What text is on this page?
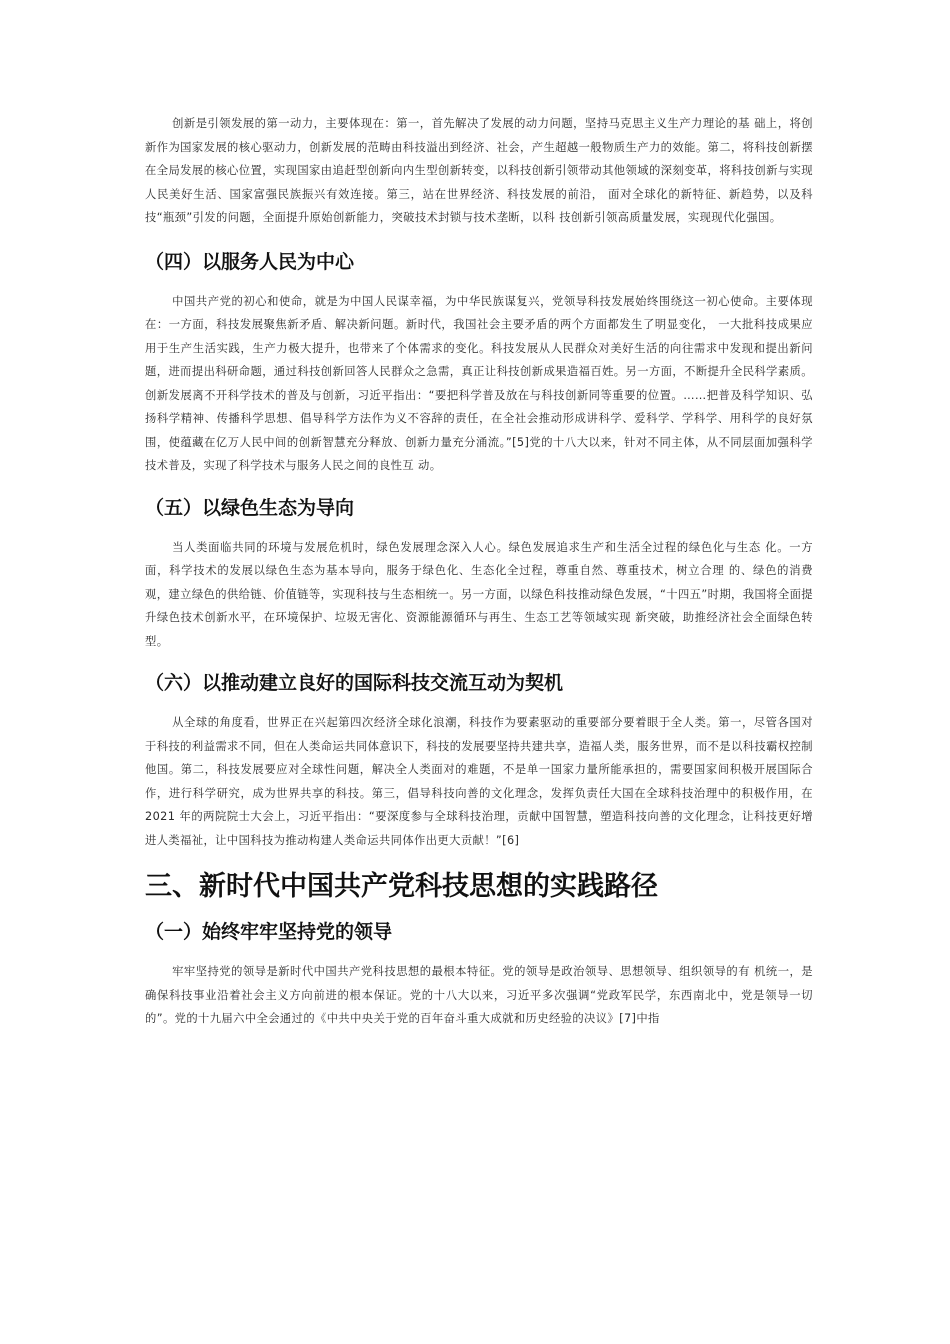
创新是引领发展的第一动力，主要体现在：第一，首先解决了发展的动力问题，坚持马克思主义生产力理论的基 础上，将创新作为国家发展的核心驱动力，创新发展的范畴由科技溢出到经济、社会，产生超越一般物质生产力的效能。第二，将科技创新摆在全局发展的核心位置，实现国家由追赶型创新向内生型创新转变，以科技创新引领带动其他领域的深刻变革，将科技创新与实现人民美好生活、国家富强民族振兴有效连接。第三，站在世界经济、科技发展的前沿， 面对全球化的新特征、新趋势，以及科技“瓶颈”引发的问题，全面提升原始创新能力，突破技术封锁与技术垄断，以科 技创新引领高质量发展，实现现代化强国。

（四）以服务人民为中心

中国共产党的初心和使命，就是为中国人民谋幸福，为中华民族谋复兴，党领导科技发展始终围绕这一初心使命。主要体现在：一方面，科技发展聚焦新矛盾、解决新问题。新时代，我国社会主要矛盾的两个方面都发生了明显变化， 一大批科技成果应用于生产生活实践，生产力极大提升，也带来了个体需求的变化。科技发展从人民群众对美好生活的向往需求中发现和提出新问题，进而提出科研命题，通过科技创新回答人民群众之急需，真正让科技创新成果造福百姓。另一方面，不断提升全民科学素质。创新发展离不开科学技术的普及与创新，习近平指出：“要把科学普及放在与科技创新同等重要的位置。……把普及科学知识、弘扬科学精神、传播科学思想、倡导科学方法作为义不容辞的责任，在全社会推动形成讲科学、爱科学、学科学、用科学的良好氛围，使蕴藏在亿万人民中间的创新智慧充分释放、创新力量充分涌流。”[5]党的十八大以来，针对不同主体，从不同层面加强科学技术普及，实现了科学技术与服务人民之间的良性互 动。

（五）以绿色生态为导向

当人类面临共同的环境与发展危机时，绿色发展理念深入人心。绿色发展追求生产和生活全过程的绿色化与生态 化。一方面，科学技术的发展以绿色生态为基本导向，服务于绿色化、生态化全过程，尊重自然、尊重技术，树立合理 的、绿色的消费观，建立绿色的供给链、价值链等，实现科技与生态相统一。另一方面，以绿色科技推动绿色发展，“十四五”时期，我国将全面提升绿色技术创新水平，在环境保护、垃圾无害化、资源能源循环与再生、生态工艺等领域实现 新突破，助推经济社会全面绿色转型。

（六）以推动建立良好的国际科技交流互动为契机

从全球的角度看，世界正在兴起第四次经济全球化浪潮，科技作为要素驱动的重要部分要着眼于全人类。第一，尽管各国对于科技的利益需求不同，但在人类命运共同体意识下，科技的发展要坚持共建共享，造福人类，服务世界，而不是以科技霸权控制他国。第二，科技发展要应对全球性问题，解决全人类面对的难题，不是单一国家力量所能承担的，需要国家间积极开展国际合作，进行科学研究，成为世界共享的科技。第三，倡导科技向善的文化理念，发挥负责任大国在全球科技治理中的积极作用，在 2021 年的两院院士大会上，习近平指出：“要深度参与全球科技治理，贡献中国智慧，塑造科技向善的文化理念，让科技更好增进人类福祉，让中国科技为推动构建人类命运共同体作出更大贡献！”[6]

三、新时代中国共产党科技思想的实践路径
（一）始终牢牢坚持党的领导

牢牢坚持党的领导是新时代中国共产党科技思想的最根本特征。党的领导是政治领导、思想领导、组织领导的有 机统一，是确保科技事业沿着社会主义方向前进的根本保证。党的十八大以来，习近平多次强调“党政军民学，东西南北中，党是领导一切的”。党的十九届六中全会通过的《中共中央关于党的百年奋斗重大成就和历史经验的决议》[7]中指
